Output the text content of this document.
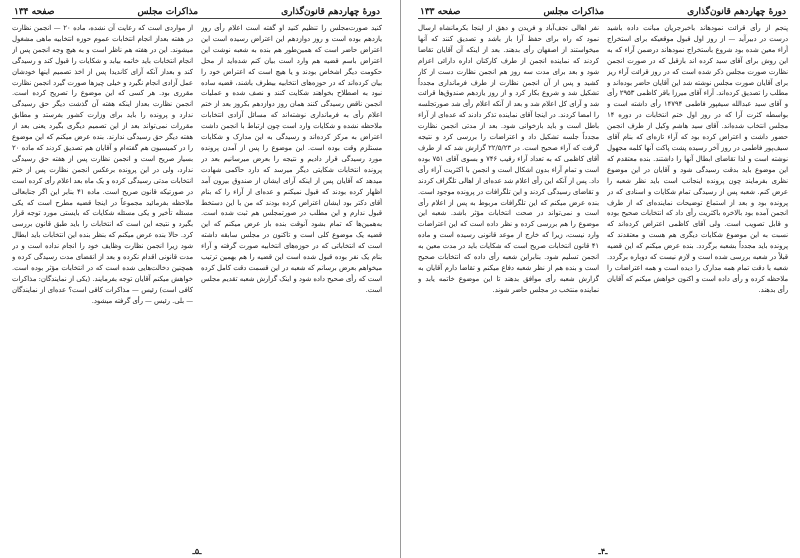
دورهٔ چهاردهم قانون‌گذاری
مذاکرات مجلس
صفحه ۱۳۴

کنید صورت‌مجلس را تنظیم کنید او گفته است اعلام رأی روز یازدهم بوده است و روز دوازدهم این اعتراض رسیده است این اعتراض حاضر است که همین‌طور هم بنده به شعبه نوشت این اعتراض باسم قضیه هم وارد است بیان کنم شده‌اید از محل حکومت دیگر اشخاص بودند و یا هیچ است که اعتراض خود را بیان کرده‌اند که در حوزه‌های انتخابیه بیطرف باشند، قضیه ساده نبود به اصطلاح بخواهند شکایت کنند و نصف شده و عملیات انجمن ناقض رسیدگی کنند همان روز دوازدهم بکروز بعد از ختم اعلام رأی به فرمانداری نوشته‌اند که مسائل آزادی انتخابات ملاحظه نشده و شکایات وارد است چون ارتباط با انجمن داشت اعتراض به مرکز کرده‌اند و رسیدگی به این مدارک و شکایات مستلزم وقت بوده است. این موضوع را پس از آمدن پرونده مورد رسیدگی قرار دادیم و نتیجه را بعرض میرسانیم بعد در پرونده انتخابات شکایتی دیگر میرسد که دارد حاکمی شهادت میدهد که آقایان پس از اینکه آرای ایشان از صندوق بیرون آمد اظهار کرده بودند که قبول نمیکنم و عده‌ای از آراء را که بنام آقای دکتر بود ایشان اعتراض کرده بودند که من با این دستخط قبول ندارم و این مطلب در صورتمجلس هم ثبت شده است. به‌همین‌ها که تمام بشود آنوقت بنده باز عرض میکنم که این قضیه یک موضوع کلی است و تاکنون در مجلس سابقه داشته است که انتخاباتی که در حوزه‌های انتخابیه صورت گرفته و آراء بنام یک نفر بوده قبول شده است این قضیه را هم بهمین ترتیب میخواهم بعرض برسانم که شعبه در این قسمت دقت کامل کرده است که رأی صحیح داده شود و اینک گزارش شعبه تقدیم مجلس است.

از مواردی است که رعایت آن نشده، ماده ۲۰ — انجمن نظارت در هفته بعداز انجام انتخابات عموم حوزه انتخابیه ماهی مشغول میشوند. این در هفته هم ناظر است و به هیچ وجه انجمن پس از انجام انتخابات باید خاتمه بیابد و شکایات را قبول کند و رسیدگی کند و بعداز آنکه آرای کاندیدا پس از اخذ تصمیم اینها خودشان عمل آزادی انجام نگیرد و خیلی چیزها صورت گیرد انجمن نظارت مقرری بود. هر کسی که این موضوع را تصریح کرده است. انجمن نظارت بعداز اینکه هفته آن گذشت دیگر حق رسیدگی ندارد و پرونده را باید برای وزارت کشور بفرستد و مطابق مقررات نمی‌تواند بعد از این تصمیم دیگری بگیرد یعنی بعد از هفته دیگر حق رسیدگی ندارند. بنده عرض میکنم که این موضوع را در کمیسیون هم گفته‌ام و آقایان هم تصدیق کردند که ماده ۲۰ بسیار صریح است و انجمن نظارت پس از هفته حق رسیدگی ندارد، ولی در این پرونده برعکس انجمن نظارت پس از ختم انتخابات مدتی رسیدگی کرده و یک ماه بعد اعلام رأی کرده است در صورتیکه قانون صریح است. ماده ۴۱ بنابر این اگر جنابعالی ملاحظه بفرمائید مجموعاً در اینجا قضیه مطرح است که یکی مسئله تأخیر و یکی مسئله شکایات که بایستی مورد توجه قرار بگیرد و نتیجه این است که انتخابات را باید طبق قانون بررسی کرد. حالا بنده عرض میکنم که بنظر بنده این انتخابات باید ابطال شود زیرا انجمن نظارت وظایف خود را انجام نداده است و در مدت قانونی اقدام نکرده و بعد از انقضای مدت رسیدگی کرده و همچنین دخالت‌هایی شده است که در انتخابات مؤثر بوده است. خواهش میکنم آقایان توجه بفرمایند. (یکی از نمایندگان: مذاکرات کافی است) رئیس — مذاکرات کافی است؟ عده‌ای از نمایندگان — بلی. رئیس — رأی گرفته میشود.

ـ۵ـ
دورهٔ چهاردهم قانون‌گذاری
مذاکرات مجلس
صفحه ۱۳۳

پنجم از رأی قرائت نمودهاند باخبرجریان مبانت داده باشید درست در دبیرآید — از روز اول قبول موقعیکه برای استخراج آراء معین شده بود شروع باستخراج نمودهاند درضمن آراء که به این روش برای آقای سید کرده اند بازقبل که در صورت انجمن نظارت صورت مجلس ذکر شده است که در روز قرائت آراء ریز برای آقایان صورت مجلس نوشته شد این آقایان حاضر بوده‌اند و مطلب را تصدیق کرده‌اند. آراء آقای میرزا باقر کاظمی ۲۹۵۳ رأی و آقای سید عبدالله سیفپور فاطمی ۱۴۷۹۴ رأی داشته است و بواسطه کثرت آرا که در روز اول ختم انتخابات در دوره ۱۴ مجلس انتخاب شده‌اند. آقای سید هاشم وکیل از طرف انجمن حضور داشت و اعتراض کرده بود که آراء تازه‌ای که بنام آقای سیف‌پور فاطمی در روز آخر رسیده پشت پاکت آنها کلمه مجهول نوشته است و لذا تقاضای ابطال آنها را داشتند. بنده معتقدم که این موضوع باید بدقت رسیدگی شود و آقایان در این موضوع نظری بفرمایند چون پرونده اینجانب است باید نظر شعبه را عرض کنم. شعبه پس از رسیدگی تمام شکایات و اسنادی که در پرونده بود و بعد از استماع توضیحات نماینده‌ای که از طرف انجمن آمده بود بالاخره باکثریت رأی داد که انتخابات صحیح بوده و قابل تصویب است. ولی آقای کاظمی اعتراض کرده‌اند که نسبت به این موضوع شکایات دیگری هم هست و معتقدند که پرونده باید مجدداً بشعبه برگردد. بنده عرض میکنم که این قضیه قبلاً در شعبه بررسی شده است و لازم نیست که دوباره برگردد. شعبه با دقت تمام همه مدارک را دیده است و همه اعتراضات را ملاحظه کرده و رأی داده است و اکنون خواهش میکنم که آقایان رأی بدهند.

نفر اهالی نجف‌آباد و فریدن و دهق از اینجا بکرمانشاه ارسال نمود که راه برای حفظ آرا باز باشد و تصدیق کنند که آنها میخواستند از اصفهان رأی بدهند. بعد از اینکه آن آقایان تقاضا کردند که نماینده انجمن از طرف کارکنان اداره دارائی اعزام شود و بعد برای مدت سه روز هم انجمن نظارت دست از کار کشید و پس از آن انجمن نظارت از طرف فرمانداری مجدداً تشکیل شد و شروع بکار کرد و از روز یازدهم صندوق‌ها قرائت شد و آرای کل اعلام شد و بعد از آنکه اعلام رأی شد صورتجلسه را امضا کردند. در اینجا آقای نماینده تذکر دادند که عده‌ای از آراء باطل است و باید بازخوانی شود. بعد از مدتی انجمن نظارت مجدداً جلسه تشکیل داد و اعتراضات را بررسی کرد و نتیجه گرفت که آراء صحیح است. در ۲۲/۵/۲۳ گزارش شد که از طرف آقای کاظمی که به تعداد آراء رقیب ۷۴۶ و بسوی آقای ۷۵۱ بوده است و تمام آراء بدون اشکال است و انجمن با اکثریت آراء رأی داد. پس از آنکه این رأی اعلام شد عده‌ای از اهالی تلگراف کردند و تقاضای رسیدگی کردند و این تلگرافات در پرونده موجود است. بنده عرض میکنم که این تلگرافات مربوط به پس از اعلام رأی است و نمی‌تواند در صحت انتخابات مؤثر باشد. شعبه این موضوع را هم بررسی کرده و نظر داده است که این اعتراضات وارد نیست، زیرا که خارج از موعد قانونی رسیده است و ماده ۴۱ قانون انتخابات صریح است که شکایات باید در مدت معین به انجمن تسلیم شود. بنابراین شعبه رأی داده که انتخابات صحیح است و بنده هم از نظر شعبه دفاع میکنم و تقاضا دارم آقایان به گزارش شعبه رأی موافق بدهند تا این موضوع خاتمه یابد و نماینده منتخب در مجلس حاضر شوند.

ـ۴ـ
